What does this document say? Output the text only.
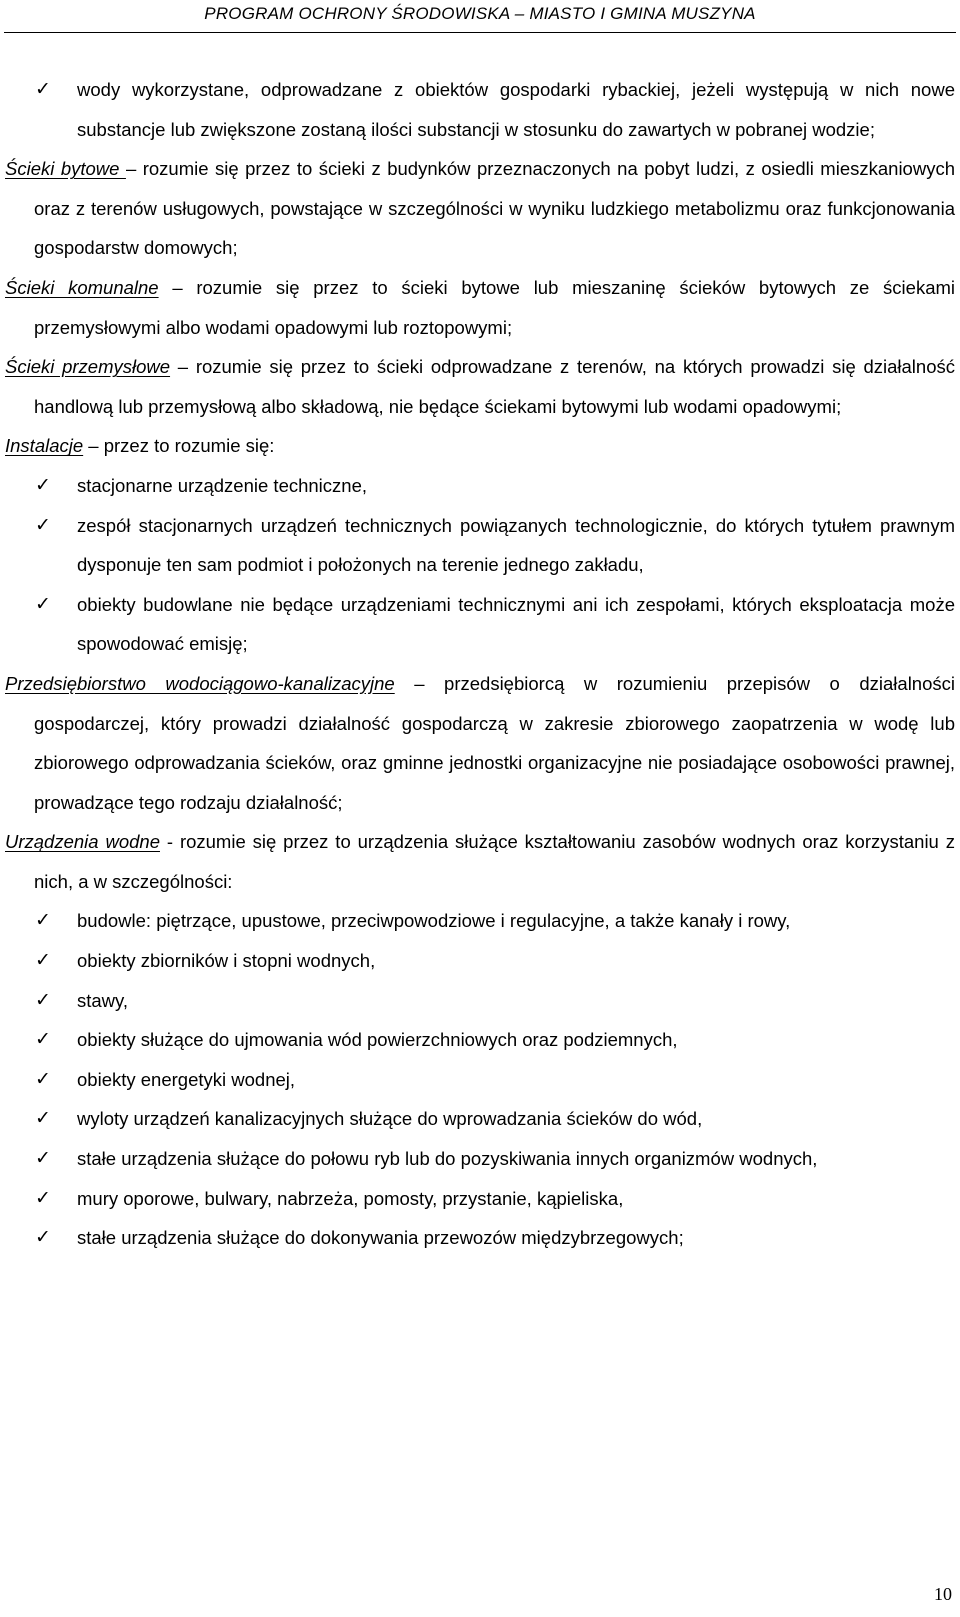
PROGRAM OCHRONY ŚRODOWISKA – MIASTO I GMINA MUSZYNA
✓ wody wykorzystane, odprowadzane z obiektów gospodarki rybackiej, jeżeli występują w nich nowe substancje lub zwiększone zostaną ilości substancji w stosunku do zawartych w pobranej wodzie;
Ścieki bytowe – rozumie się przez to ścieki z budynków przeznaczonych na pobyt ludzi, z osiedli mieszkaniowych oraz z terenów usługowych, powstające w szczególności w wyniku ludzkiego metabolizmu oraz funkcjonowania gospodarstw domowych;
Ścieki komunalne – rozumie się przez to ścieki bytowe lub mieszaninę ścieków bytowych ze ściekami przemysłowymi albo wodami opadowymi lub roztopowymi;
Ścieki przemysłowe – rozumie się przez to ścieki odprowadzane z terenów, na których prowadzi się działalność handlową lub przemysłową albo składową, nie będące ściekami bytowymi lub wodami opadowymi;
Instalacje – przez to rozumie się:
✓ stacjonarne urządzenie techniczne,
✓ zespół stacjonarnych urządzeń technicznych powiązanych technologicznie, do których tytułem prawnym dysponuje ten sam podmiot i położonych na terenie jednego zakładu,
✓ obiekty budowlane nie będące urządzeniami technicznymi ani ich zespołami, których eksploatacja może spowodować emisję;
Przedsiębiorstwo wodociągowo-kanalizacyjne – przedsiębiorcą w rozumieniu przepisów o działalności gospodarczej, który prowadzi działalność gospodarczą w zakresie zbiorowego zaopatrzenia w wodę lub zbiorowego odprowadzania ścieków, oraz gminne jednostki organizacyjne nie posiadające osobowości prawnej, prowadzące tego rodzaju działalność;
Urządzenia wodne - rozumie się przez to urządzenia służące kształtowaniu zasobów wodnych oraz korzystaniu z nich, a w szczególności:
✓ budowle: piętrzące, upustowe, przeciwpowodziowe i regulacyjne, a także kanały i rowy,
✓ obiekty zbiorników i stopni wodnych,
✓ stawy,
✓ obiekty służące do ujmowania wód powierzchniowych oraz podziemnych,
✓ obiekty energetyki wodnej,
✓ wyloty urządzeń kanalizacyjnych służące do wprowadzania ścieków do wód,
✓ stałe urządzenia służące do połowu ryb lub do pozyskiwania innych organizmów wodnych,
✓ mury oporowe, bulwary, nabrzeża, pomosty, przystanie, kąpieliska,
✓ stałe urządzenia służące do dokonywania przewozów międzybrzegowych;
10
